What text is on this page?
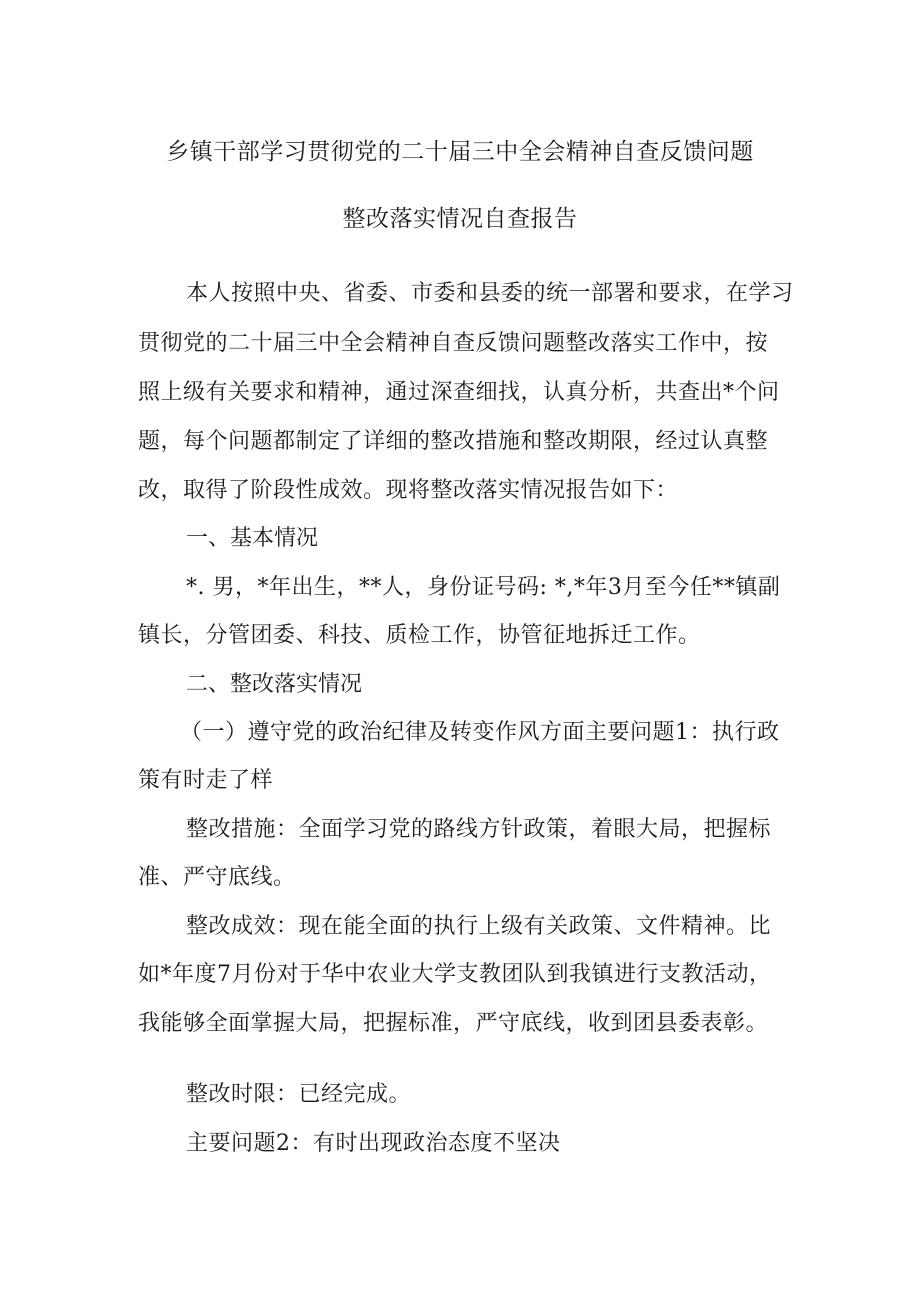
乡镇干部学习贯彻党的二十届三中全会精神自查反馈问题
整改落实情况自查报告
本人按照中央、省委、市委和县委的统一部署和要求，在学习
贯彻党的二十届三中全会精神自查反馈问题整改落实工作中，按
照上级有关要求和精神，通过深查细找，认真分析，共查出*个问
题，每个问题都制定了详细的整改措施和整改期限，经过认真整
改，取得了阶段性成效。现将整改落实情况报告如下：
一、基本情况
*. 男，*年出生，**人，身份证号码: *,*年3月至今任**镇副
镇长，分管团委、科技、质检工作，协管征地拆迁工作。
二、整改落实情况
（一）遵守党的政治纪律及转变作风方面主要问题1：执行政
策有时走了样
整改措施：全面学习党的路线方针政策，着眼大局，把握标
准、严守底线。
整改成效：现在能全面的执行上级有关政策、文件精神。比
如*年度7月份对于华中农业大学支教团队到我镇进行支教活动，
我能够全面掌握大局，把握标准，严守底线，收到团县委表彰。
整改时限：已经完成。
主要问题2：有时出现政治态度不坚决
